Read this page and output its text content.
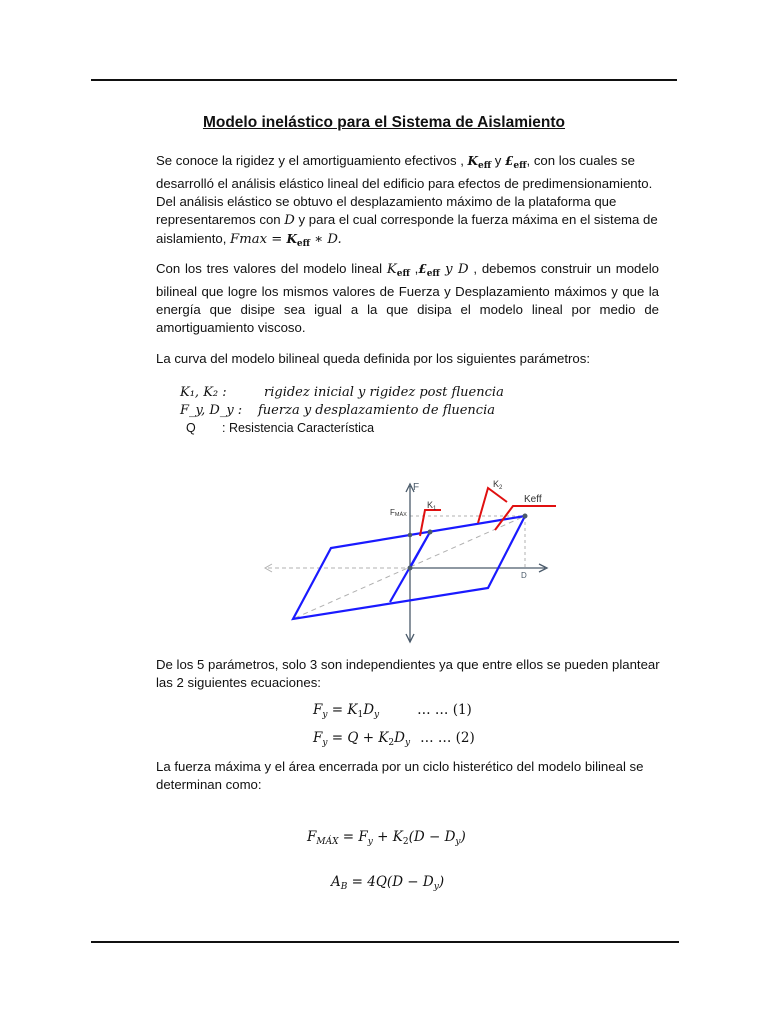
Modelo inelástico para el Sistema de Aislamiento
Se conoce la rigidez y el amortiguamiento efectivos , $K_{eff}$ y $£_{eff}$, con los cuales se desarrolló el análisis elástico lineal del edificio para efectos de predimensionamiento. Del análisis elástico se obtuvo el desplazamiento máximo de la plataforma que representaremos con D y para el cual corresponde la fuerza máxima en el sistema de aislamiento, $Fmax = K_{eff}$ ∗ D.
Con los tres valores del modelo lineal $K_{eff}$ $,£_{eff}$ y D , debemos construir un modelo bilineal que logre los mismos valores de Fuerza y Desplazamiento máximos y que la energía que disipe sea igual a la que disipa el modelo lineal por medio de amortiguamiento viscoso.
La curva del modelo bilineal queda definida por los siguientes parámetros:
K₁, K₂ :	rigidez inicial y rigidez post fluencia
F_y, D_y : fuerza y desplazamiento de fluencia
Q : Resistencia Característica
F
FMÁX
D
$K_1$
$K_2$
Keff
De los 5 parámetros, solo 3 son independientes ya que entre ellos se pueden plantear las 2 siguientes ecuaciones:
$F_y = K_1D_y$	… … (1)
$F_y = Q + K_2D_y$ … … (2)
La fuerza máxima y el área encerrada por un ciclo histerético del modelo bilineal se determinan como:
$F_{MÁX} = F_y + K_2(D - D_y)$
$A_B = 4Q(D - D_y)$
